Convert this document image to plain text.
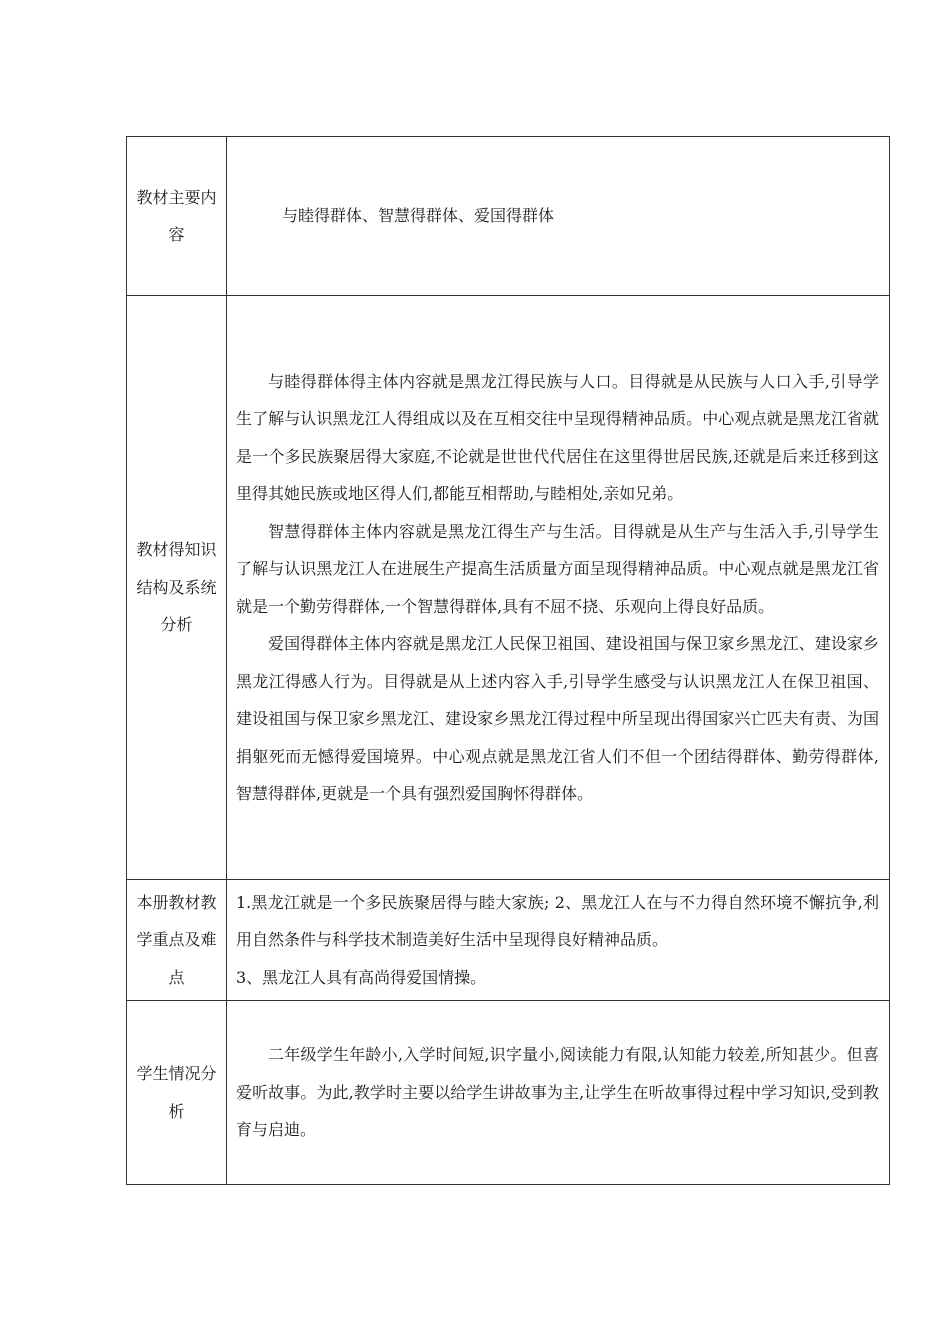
教材主要内容	与睦得群体、智慧得群体、爱国得群体

教材得知识结构及系统分析	与睦得群体得主体内容就是黑龙江得民族与人口。目得就是从民族与人口入手,引导学生了解与认识黑龙江人得组成以及在互相交往中呈现得精神品质。中心观点就是黑龙江省就是一个多民族聚居得大家庭,不论就是世世代代居住在这里得世居民族,还就是后来迁移到这里得其她民族或地区得人们,都能互相帮助,与睦相处,亲如兄弟。

智慧得群体主体内容就是黑龙江得生产与生活。目得就是从生产与生活入手,引导学生了解与认识黑龙江人在进展生产提高生活质量方面呈现得精神品质。中心观点就是黑龙江省就是一个勤劳得群体,一个智慧得群体,具有不屈不挠、乐观向上得良好品质。

爱国得群体主体内容就是黑龙江人民保卫祖国、建设祖国与保卫家乡黑龙江、建设家乡黑龙江得感人行为。目得就是从上述内容入手,引导学生感受与认识黑龙江人在保卫祖国、建设祖国与保卫家乡黑龙江、建设家乡黑龙江得过程中所呈现出得国家兴亡匹夫有责、为国捐躯死而无憾得爱国境界。中心观点就是黑龙江省人们不但一个团结得群体、勤劳得群体,智慧得群体,更就是一个具有强烈爱国胸怀得群体。

本册教材教学重点及难点	1.黑龙江就是一个多民族聚居得与睦大家族; 2、黑龙江人在与不力得自然环境不懈抗争,利用自然条件与科学技术制造美好生活中呈现得良好精神品质。

3、黑龙江人具有高尚得爱国情操。

学生情况分析	二年级学生年龄小,入学时间短,识字量小,阅读能力有限,认知能力较差,所知甚少。但喜爱听故事。为此,教学时主要以给学生讲故事为主,让学生在听故事得过程中学习知识,受到教育与启迪。
